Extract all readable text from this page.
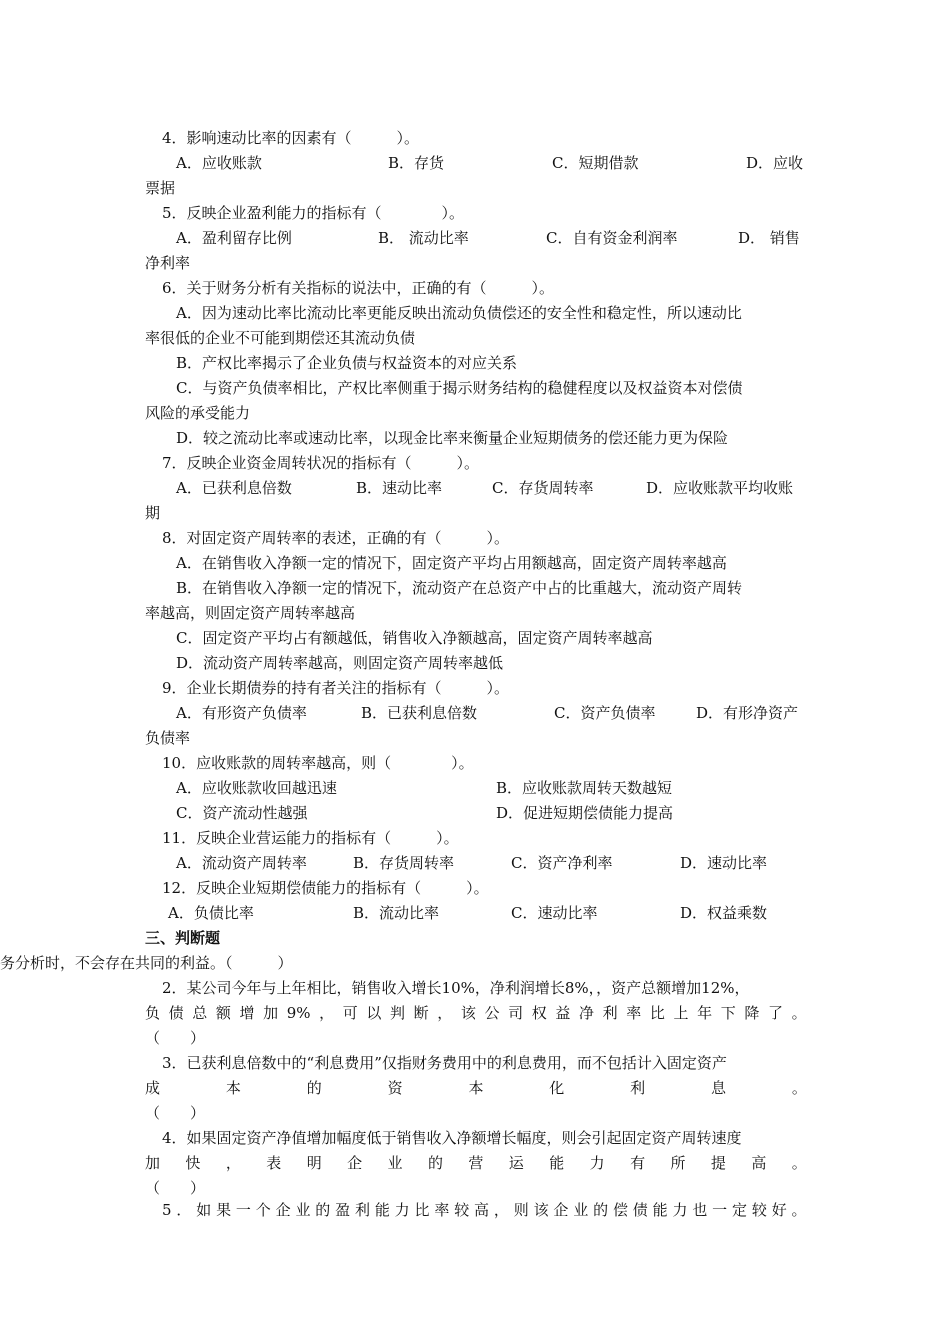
4．影响速动比率的因素有（　　　）。
A．应收账款	B．存货	C．短期借款	D．应收
票据
5．反映企业盈利能力的指标有（　　　　）。
A．盈利留存比例	B． 流动比率	C．自有资金利润率	D． 销售
净利率
6．关于财务分析有关指标的说法中，正确的有（　　　）。
A．因为速动比率比流动比率更能反映出流动负债偿还的安全性和稳定性，所以速动比
率很低的企业不可能到期偿还其流动负债
B．产权比率揭示了企业负债与权益资本的对应关系
C．与资产负债率相比，产权比率侧重于揭示财务结构的稳健程度以及权益资本对偿债
风险的承受能力
D．较之流动比率或速动比率，以现金比率来衡量企业短期债务的偿还能力更为保险
7．反映企业资金周转状况的指标有（　　　）。
A．已获利息倍数	B．速动比率	C．存货周转率	D．应收账款平均收账
期
8．对固定资产周转率的表述，正确的有（　　　）。
A．在销售收入净额一定的情况下，固定资产平均占用额越高，固定资产周转率越高
B．在销售收入净额一定的情况下，流动资产在总资产中占的比重越大，流动资产周转
率越高，则固定资产周转率越高
C．固定资产平均占有额越低，销售收入净额越高，固定资产周转率越高
D．流动资产周转率越高，则固定资产周转率越低
9．企业长期债券的持有者关注的指标有（　　　）。
A．有形资产负债率	B．已获利息倍数	C．资产负债率	D．有形净资产
负债率
10．应收账款的周转率越高，则（　　　　）。
A．应收账款收回越迅速	B．应收账款周转天数越短
C．资产流动性越强	D．促进短期偿债能力提高
11．反映企业营运能力的指标有（　　　）。
A．流动资产周转率	B．存货周转率	C．资产净利率	D．速动比率
12．反映企业短期偿债能力的指标有（　　　）。
A．负债比率	B．流动比率	C．速动比率	D．权益乘数
三、判断题
务分析时，不会存在共同的利益。（　　　）
2．某公司今年与上年相比，销售收入增长10%，净利润增长8%，，资产总额增加12%，
负 债 总 额 增 加 9% ， 可 以 判 断 ， 该 公 司 权 益 净 利 率 比 上 年 下 降 了 。
（　　）
3．已获利息倍数中的“利息费用”仅指财务费用中的利息费用，而不包括计入固定资产
成	本	的	资	本	化	利	息	。
（　　）
4．如果固定资产净值增加幅度低于销售收入净额增长幅度，则会引起固定资产周转速度
加 快 ， 表 明 企 业 的 营 运 能 力 有 所 提 高 。
（　　）
5 ． 如 果 一 个 企 业 的 盈 利 能 力 比 率 较 高 ， 则 该 企 业 的 偿 债 能 力 也 一 定 较 好 。
